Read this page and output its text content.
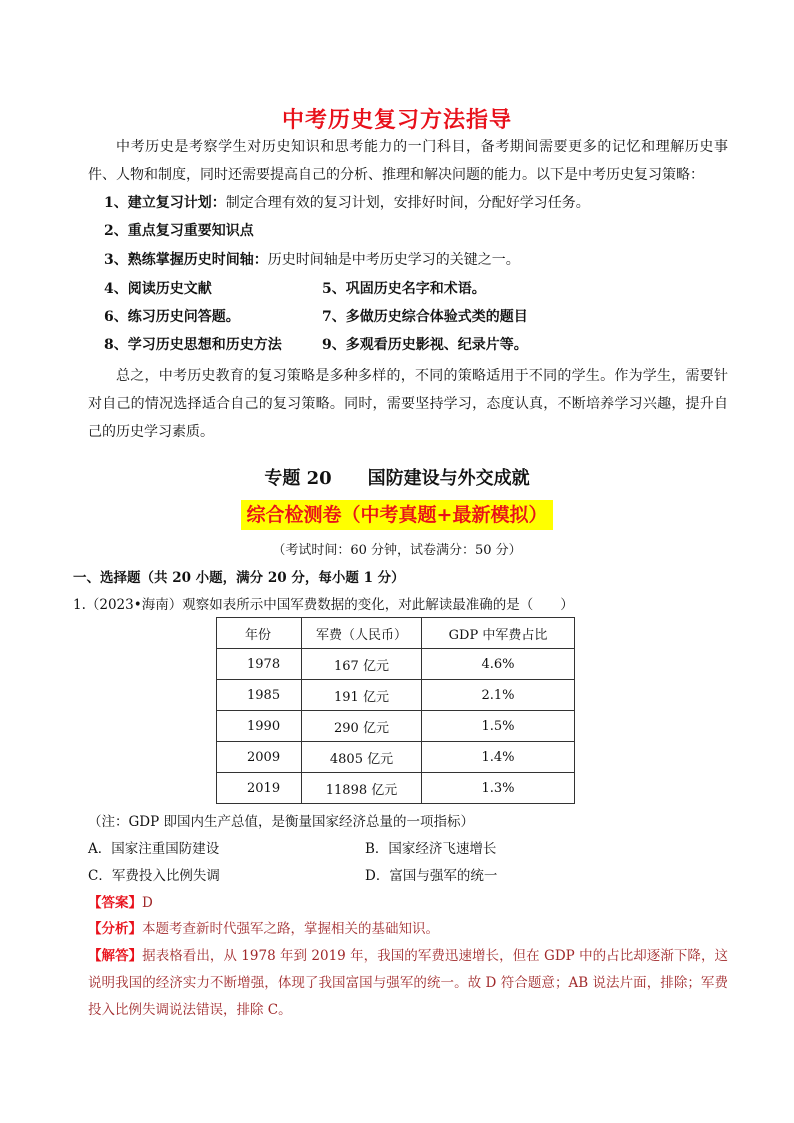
中考历史复习方法指导

中考历史是考察学生对历史知识和思考能力的一门科目，备考期间需要更多的记忆和理解历史事件、人物和制度，同时还需要提高自己的分析、推理和解决问题的能力。以下是中考历史复习策略：

1、建立复习计划：制定合理有效的复习计划，安排好时间，分配好学习任务。
2、重点复习重要知识点
3、熟练掌握历史时间轴：历史时间轴是中考历史学习的关键之一。
4、阅读历史文献	5、巩固历史名字和术语。
6、练习历史问答题。	7、多做历史综合体验式类的题目
8、学习历史思想和历史方法	9、多观看历史影视、纪录片等。

总之，中考历史教育的复习策略是多种多样的，不同的策略适用于不同的学生。作为学生，需要针对自己的情况选择适合自己的复习策略。同时，需要坚持学习，态度认真，不断培养学习兴趣，提升自己的历史学习素质。

专题 20 国防建设与外交成就
综合检测卷（中考真题+最新模拟）
（考试时间：60 分钟，试卷满分：50 分）
一、选择题（共 20 小题，满分 20 分，每小题 1 分）
1.（2023•海南）观察如表所示中国军费数据的变化，对此解读最准确的是（　　）
年份	军费（人民币）	GDP 中军费占比
1978	167 亿元	4.6%
1985	191 亿元	2.1%
1990	290 亿元	1.5%
2009	4805 亿元	1.4%
2019	11898 亿元	1.3%
（注：GDP 即国内生产总值，是衡量国家经济总量的一项指标）
A．国家注重国防建设	B．国家经济飞速增长
C．军费投入比例失调	D．富国与强军的统一
【答案】D
【分析】本题考查新时代强军之路，掌握相关的基础知识。

【解答】据表格看出，从 1978 年到 2019 年，我国的军费迅速增长，但在 GDP 中的占比却逐渐下降，这说明我国的经济实力不断增强，体现了我国富国与强军的统一。故 D 符合题意；AB 说法片面，排除；军费投入比例失调说法错误，排除 C。
